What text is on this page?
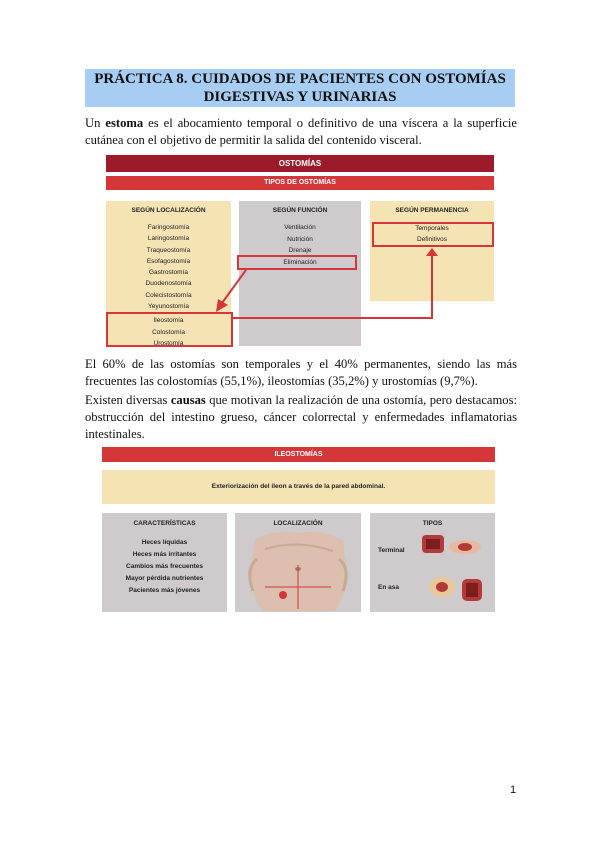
PRÁCTICA 8. CUIDADOS DE PACIENTES CON OSTOMÍAS
DIGESTIVAS Y URINARIAS
Un estoma es el abocamiento temporal o definitivo de una víscera a la superficie cutánea con el objetivo de permitir la salida del contenido visceral.
OSTOMÍAS
TIPOS DE OSTOMÍAS
SEGÚN LOCALIZACIÓN
Faringostomía
Laringostomía
Traqueostomía
Esofagostomía
Gastrostomía
Duodenostomía
Colecistostomía
Yeyunostomía
Ileostomía
Colostomía
Urostomía
SEGÚN FUNCIÓN
Ventilación
Nutrición
Drenaje
Eliminación
SEGÚN PERMANENCIA
Temporales
Definitivos
El 60% de las ostomías son temporales y el 40% permanentes, siendo las más frecuentes las colostomías (55,1%), ileostomías (35,2%) y urostomías (9,7%).
Existen diversas causas que motivan la realización de una ostomía, pero destacamos: obstrucción del intestino grueso, cáncer colorrectal y enfermedades inflamatorias intestinales.
ILEOSTOMÍAS
Exteriorización del íleon a través de la pared abdominal.
CARACTERÍSTICAS
Heces líquidas
Heces más irritantes
Cambios más frecuentes
Mayor pérdida nutrientes
Pacientes más jóvenes
LOCALIZACIÓN	TIPOS
Terminal
En asa
1
